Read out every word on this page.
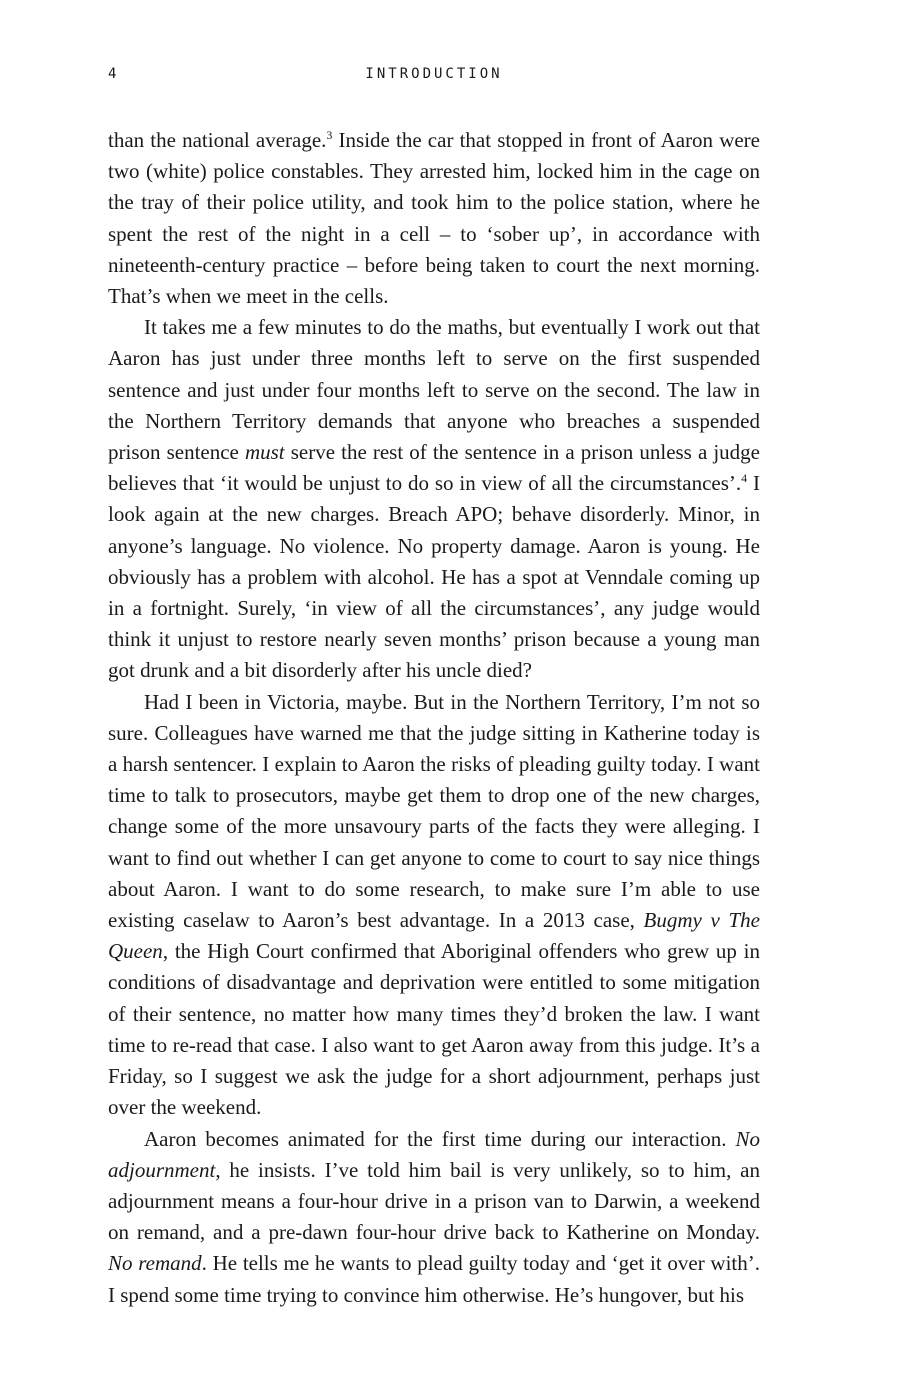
4	INTRODUCTION

than the national average.$^3$ Inside the car that stopped in front of Aaron were two (white) police constables. They arrested him, locked him in the cage on the tray of their police utility, and took him to the police station, where he spent the rest of the night in a cell – to ‘sober up’, in accordance with nineteenth-century practice – before being taken to court the next morning. That’s when we meet in the cells.

It takes me a few minutes to do the maths, but eventually I work out that Aaron has just under three months left to serve on the first suspended sentence and just under four months left to serve on the second. The law in the Northern Territory demands that anyone who breaches a suspended prison sentence must serve the rest of the sentence in a prison unless a judge believes that ‘it would be unjust to do so in view of all the circumstances’.$^4$ I look again at the new charges. Breach APO; behave disorderly. Minor, in anyone’s language. No violence. No property damage. Aaron is young. He obviously has a problem with alcohol. He has a spot at Venndale coming up in a fortnight. Surely, ‘in view of all the circumstances’, any judge would think it unjust to restore nearly seven months’ prison because a young man got drunk and a bit disorderly after his uncle died?

Had I been in Victoria, maybe. But in the Northern Territory, I’m not so sure. Colleagues have warned me that the judge sitting in Katherine today is a harsh sentencer. I explain to Aaron the risks of pleading guilty today. I want time to talk to prosecutors, maybe get them to drop one of the new charges, change some of the more unsavoury parts of the facts they were alleging. I want to find out whether I can get anyone to come to court to say nice things about Aaron. I want to do some research, to make sure I’m able to use existing caselaw to Aaron’s best advantage. In a 2013 case, Bugmy v The Queen, the High Court confirmed that Aboriginal offenders who grew up in conditions of disadvantage and deprivation were entitled to some mitigation of their sentence, no matter how many times they’d broken the law. I want time to re-read that case. I also want to get Aaron away from this judge. It’s a Friday, so I suggest we ask the judge for a short adjournment, perhaps just over the weekend.

Aaron becomes animated for the first time during our interaction. No adjournment, he insists. I’ve told him bail is very unlikely, so to him, an adjournment means a four-hour drive in a prison van to Darwin, a weekend on remand, and a pre-dawn four-hour drive back to Katherine on Monday. No remand. He tells me he wants to plead guilty today and ‘get it over with’. I spend some time trying to convince him otherwise. He’s hungover, but his
